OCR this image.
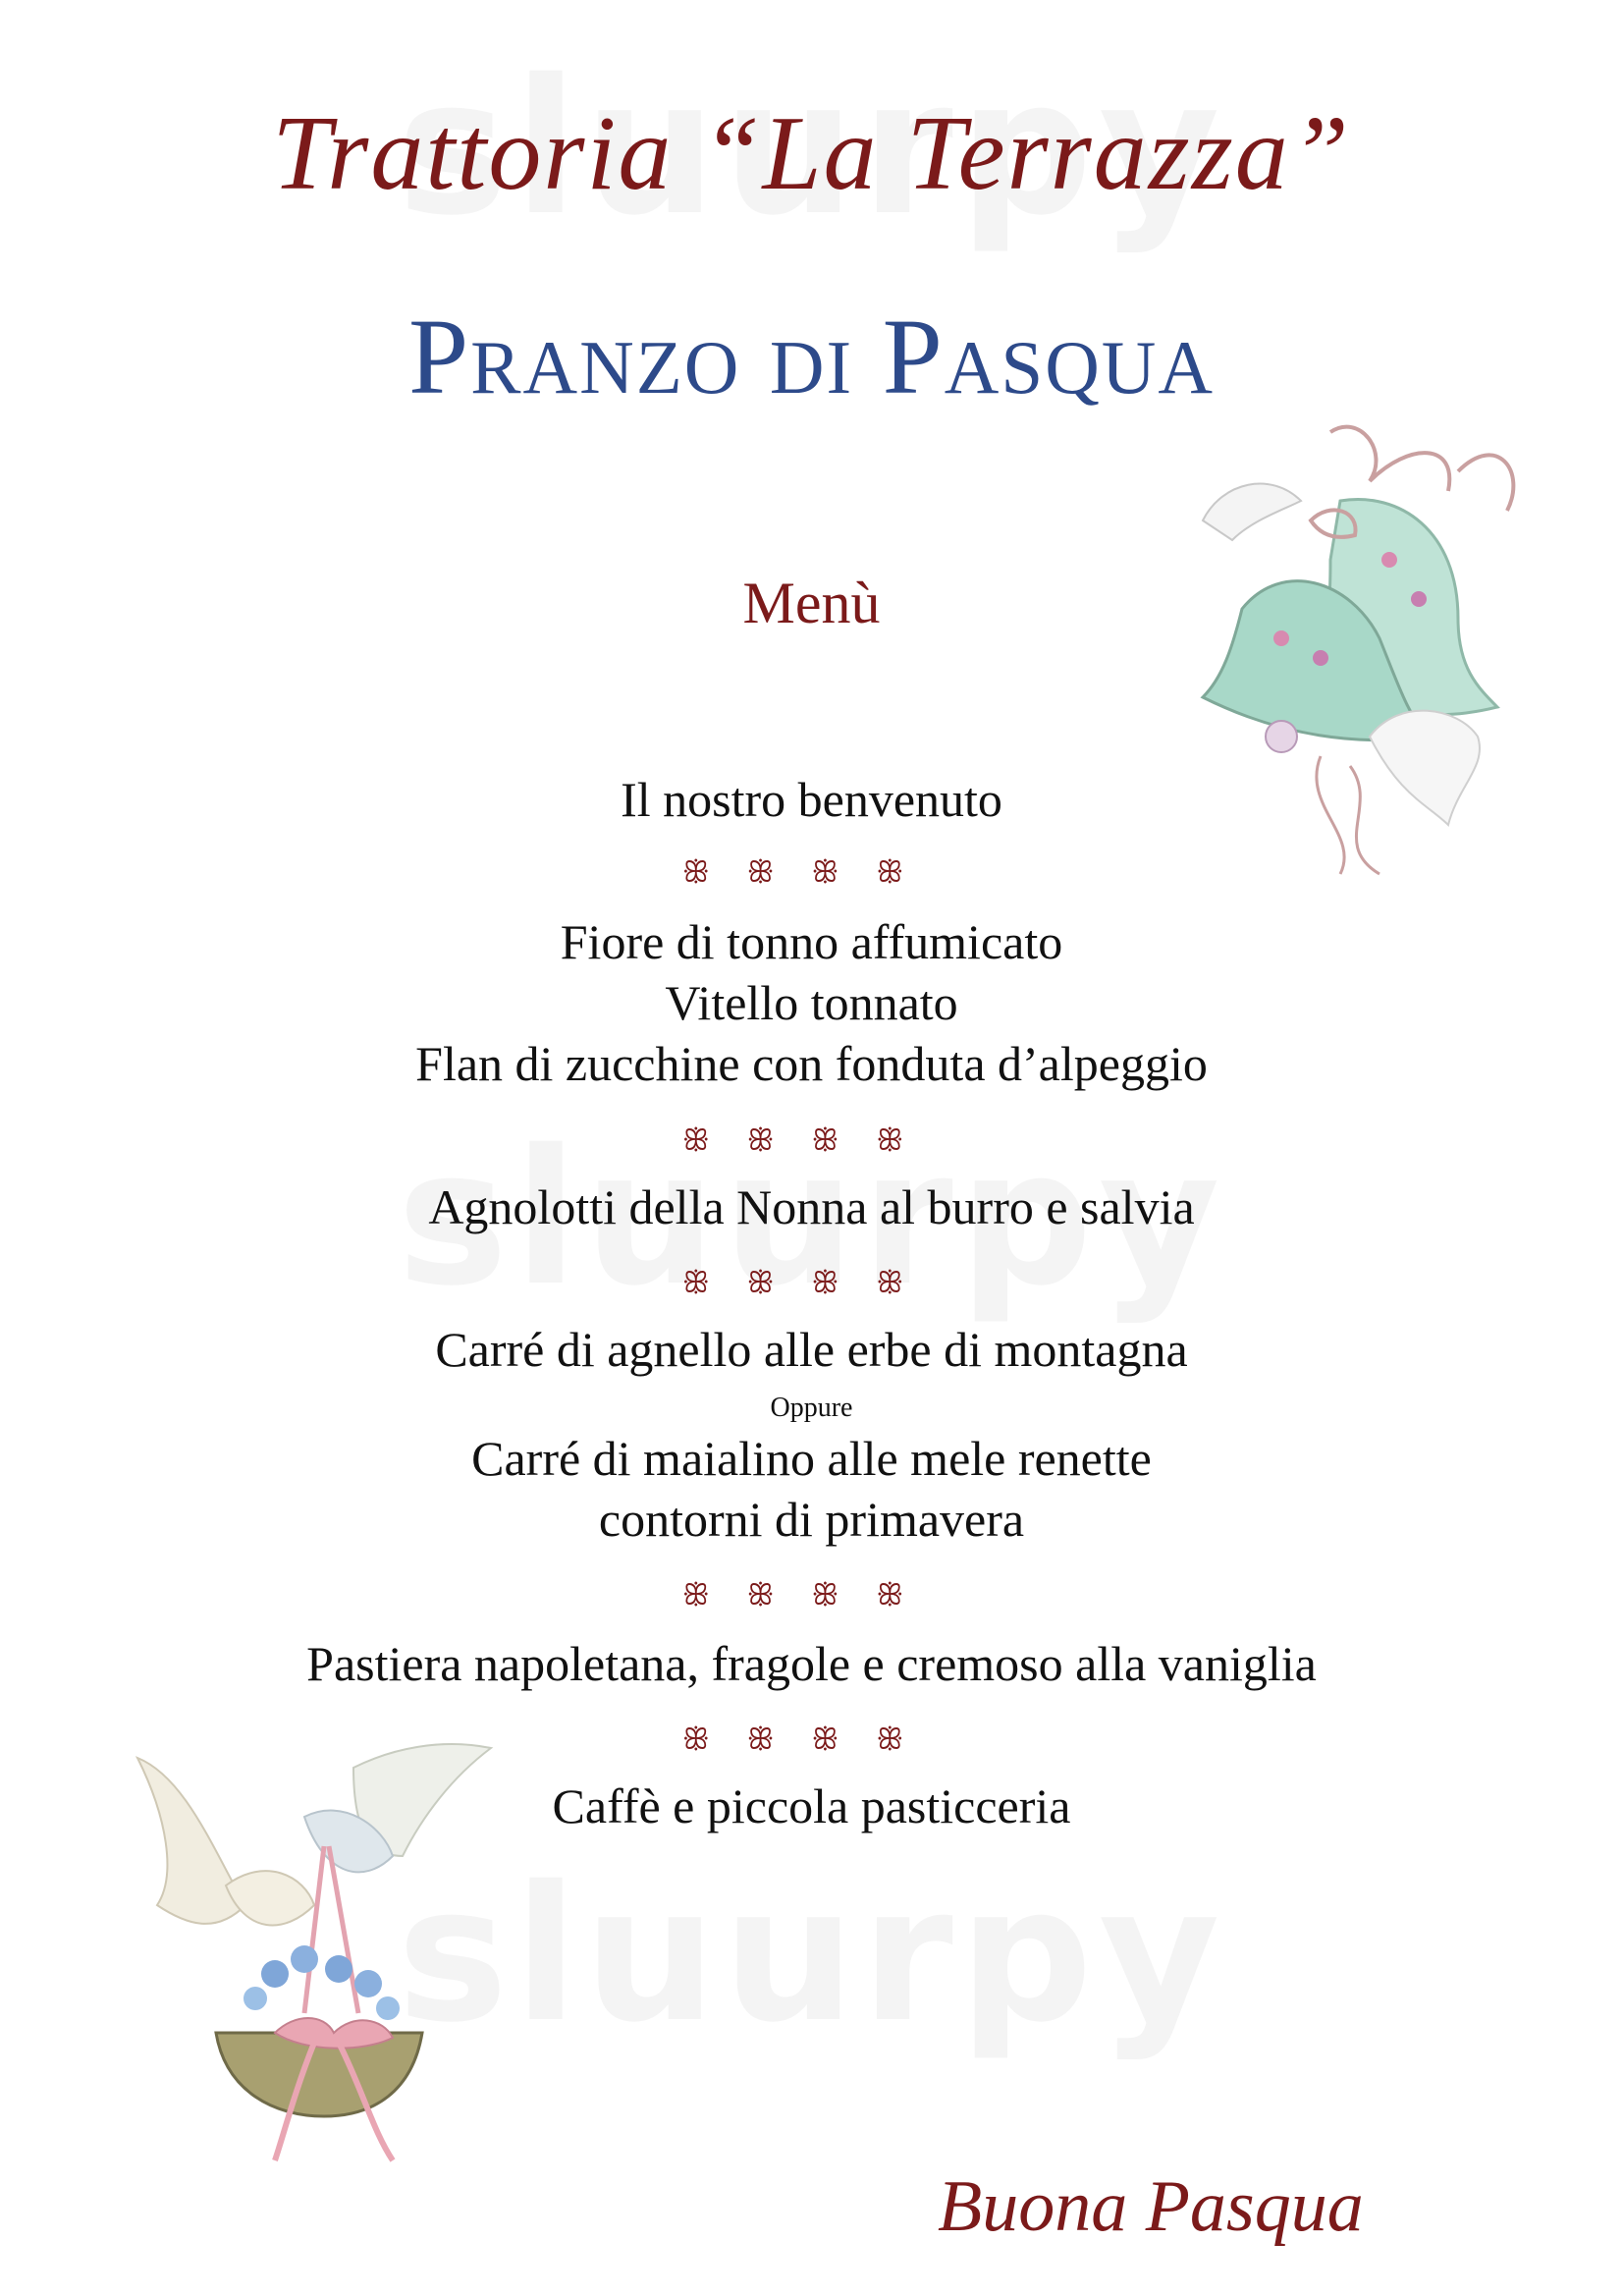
Trattoria “La Terrazza”
Pranzo di Pasqua
Menù
Il nostro benvenuto
ꕥꕥꕥꕥ
Fiore di tonno affumicato
Vitello tonnato
Flan di zucchine con fonduta d’alpeggio
ꕥꕥꕥꕥ
Agnolotti della Nonna al burro e salvia
ꕥꕥꕥꕥ
Carré di agnello alle erbe di montagna
Oppure
Carré di maialino alle mele renette
contorni di primavera
ꕥꕥꕥꕥ
Pastiera napoletana, fragole e cremoso alla vaniglia
ꕥꕥꕥꕥ
Caffè e piccola pasticceria
Buona Pasqua
